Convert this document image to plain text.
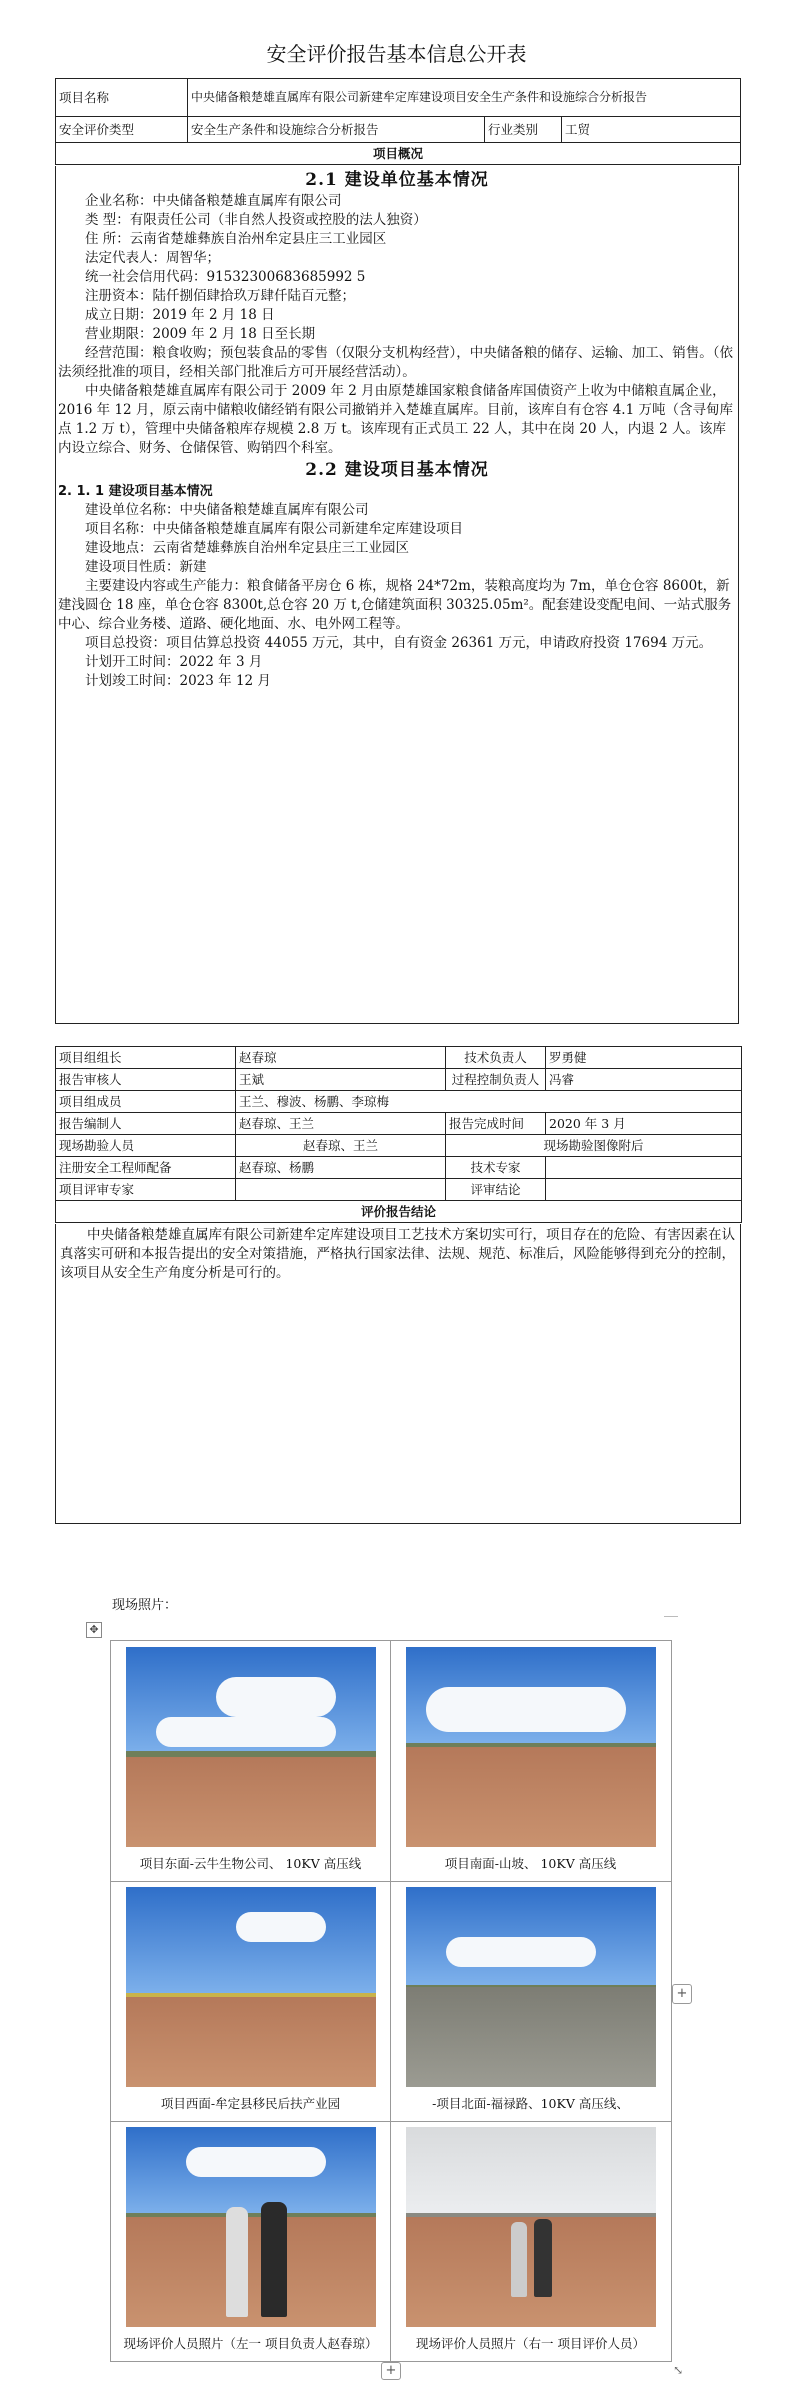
安全评价报告基本信息公开表
项目名称	中央储备粮楚雄直属库有限公司新建牟定库建设项目安全生产条件和设施综合分析报告		
安全评价类型	安全生产条件和设施综合分析报告	行业类别	工贸
项目概况			
2.1 建设单位基本情况

企业名称：中央储备粮楚雄直属库有限公司

类 型：有限责任公司（非自然人投资或控股的法人独资）

住 所：云南省楚雄彝族自治州牟定县庄三工业园区

法定代表人：周智华；

统一社会信用代码：91532300683685992 5

注册资本：陆仟捌佰肆拾玖万肆仟陆百元整；

成立日期：2019 年 2 月 18 日

营业期限：2009 年 2 月 18 日至长期

经营范围：粮食收购；预包装食品的零售（仅限分支机构经营），中央储备粮的储存、运输、加工、销售。（依法须经批准的项目，经相关部门批准后方可开展经营活动）。

中央储备粮楚雄直属库有限公司于 2009 年 2 月由原楚雄国家粮食储备库国债资产上收为中储粮直属企业，2016 年 12 月，原云南中储粮收储经销有限公司撤销并入楚雄直属库。目前，该库自有仓容 4.1 万吨（含寻甸库点 1.2 万 t），管理中央储备粮库存规模 2.8 万 t。该库现有正式员工 22 人，其中在岗 20 人，内退 2 人。该库内设立综合、财务、仓储保管、购销四个科室。

2.2 建设项目基本情况
2. 1. 1 建设项目基本情况

建设单位名称：中央储备粮楚雄直属库有限公司

项目名称：中央储备粮楚雄直属库有限公司新建牟定库建设项目

建设地点：云南省楚雄彝族自治州牟定县庄三工业园区

建设项目性质：新建

主要建设内容或生产能力：粮食储备平房仓 6 栋，规格 24*72m，装粮高度均为 7m，单仓仓容 8600t，新建浅圆仓 18 座，单仓仓容 8300t,总仓容 20 万 t,仓储建筑面积 30325.05m²。配套建设变配电间、一站式服务中心、综合业务楼、道路、硬化地面、水、电外网工程等。

项目总投资：项目估算总投资 44055 万元，其中，自有资金 26361 万元，申请政府投资 17694 万元。

计划开工时间：2022 年 3 月

计划竣工时间：2023 年 12 月

项目组组长	赵春琼	技术负责人	罗勇健
报告审核人	王斌	过程控制负责人	冯睿
项目组成员	王兰、穆波、杨鹏、李琼梅		
报告编制人	赵春琼、王兰	报告完成时间	2020 年 3 月
现场勘验人员	赵春琼、王兰	现场勘验图像附后	
注册安全工程师配备	赵春琼、杨鹏	技术专家	
项目评审专家		评审结论	
评价报告结论			

中央储备粮楚雄直属库有限公司新建牟定库建设项目工艺技术方案切实可行，项目存在的危险、有害因素在认真落实可研和本报告提出的安全对策措施，严格执行国家法律、法规、规范、标准后，风险能够得到充分的控制，该项目从安全生产角度分析是可行的。

现场照片：
✥
项目东面-云牛生物公司、 10KV 高压线	项目南面-山坡、 10KV 高压线
项目西面-牟定县移民后扶产业园	-项目北面-福禄路、10KV 高压线、
现场评价人员照片（左一 项目负责人赵春琼）	现场评价人员照片（右一 项目评价人员）
+
+	⤡
